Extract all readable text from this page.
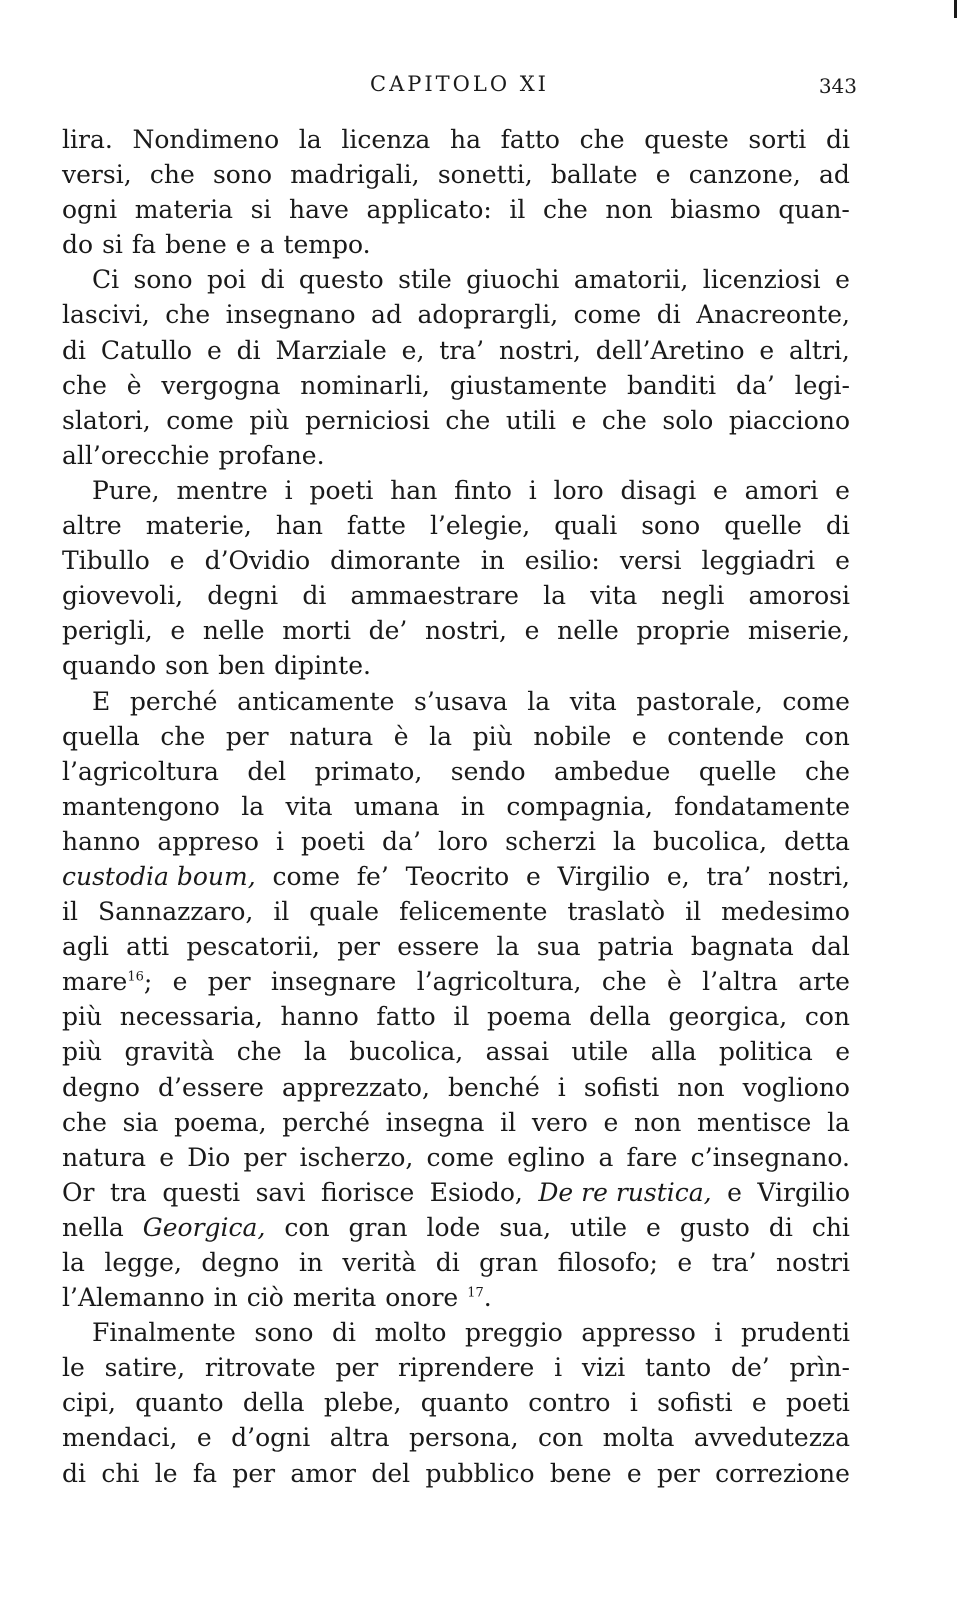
CAPITOLO XI	343
lira. Nondimeno la licenza ha fatto che queste sorti di
versi, che sono madrigali, sonetti, ballate e canzone, ad
ogni materia si have applicato: il che non biasmo quan-
do si fa bene e a tempo.
Ci sono poi di questo stile giuochi amatorii, licenziosi e
lascivi, che insegnano ad adoprargli, come di Anacreonte,
di Catullo e di Marziale e, tra’ nostri, dell’Aretino e altri,
che è vergogna nominarli, giustamente banditi da’ legi-
slatori, come più perniciosi che utili e che solo piacciono
all’orecchie profane.
Pure, mentre i poeti han finto i loro disagi e amori e
altre materie, han fatte l’elegie, quali sono quelle di
Tibullo e d’Ovidio dimorante in esilio: versi leggiadri e
giovevoli, degni di ammaestrare la vita negli amorosi
perigli, e nelle morti de’ nostri, e nelle proprie miserie,
quando son ben dipinte.
E perché anticamente s’usava la vita pastorale, come
quella che per natura è la più nobile e contende con
l’agricoltura del primato, sendo ambedue quelle che
mantengono la vita umana in compagnia, fondatamente
hanno appreso i poeti da’ loro scherzi la bucolica, detta
custodia boum, come fe’ Teocrito e Virgilio e, tra’ nostri,
il Sannazzaro, il quale felicemente traslatò il medesimo
agli atti pescatorii, per essere la sua patria bagnata dal
mare$^{16}$; e per insegnare l’agricoltura, che è l’altra arte
più necessaria, hanno fatto il poema della georgica, con
più gravità che la bucolica, assai utile alla politica e
degno d’essere apprezzato, benché i sofisti non vogliono
che sia poema, perché insegna il vero e non mentisce la
natura e Dio per ischerzo, come eglino a fare c’insegnano.
Or tra questi savi fiorisce Esiodo, De re rustica, e Virgilio
nella Georgica, con gran lode sua, utile e gusto di chi
la legge, degno in verità di gran filosofo; e tra’ nostri
l’Alemanno in ciò merita onore $^{17}$.
Finalmente sono di molto preggio appresso i prudenti
le satire, ritrovate per riprendere i vizi tanto de’ prìn-
cipi, quanto della plebe, quanto contro i sofisti e poeti
mendaci, e d’ogni altra persona, con molta avvedutezza
di chi le fa per amor del pubblico bene e per correzione
